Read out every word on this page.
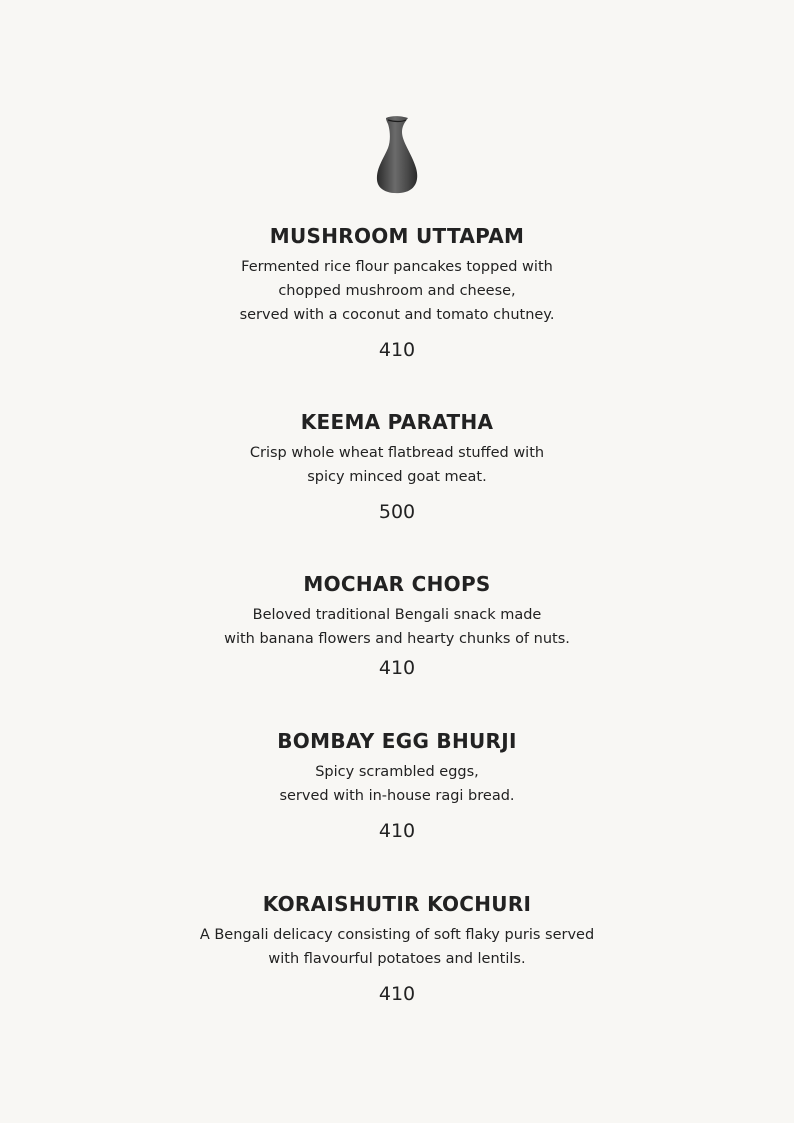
MUSHROOM UTTAPAM

Fermented rice flour pancakes topped with
chopped mushroom and cheese,
served with a coconut and tomato chutney.

410
KEEMA PARATHA

Crisp whole wheat flatbread stuffed with
spicy minced goat meat.

500
MOCHAR CHOPS

Beloved traditional Bengali snack made
with banana flowers and hearty chunks of nuts.

410
BOMBAY EGG BHURJI

Spicy scrambled eggs,
served with in-house ragi bread.

410
KORAISHUTIR KOCHURI

A Bengali delicacy consisting of soft flaky puris served
with flavourful potatoes and lentils.

410
